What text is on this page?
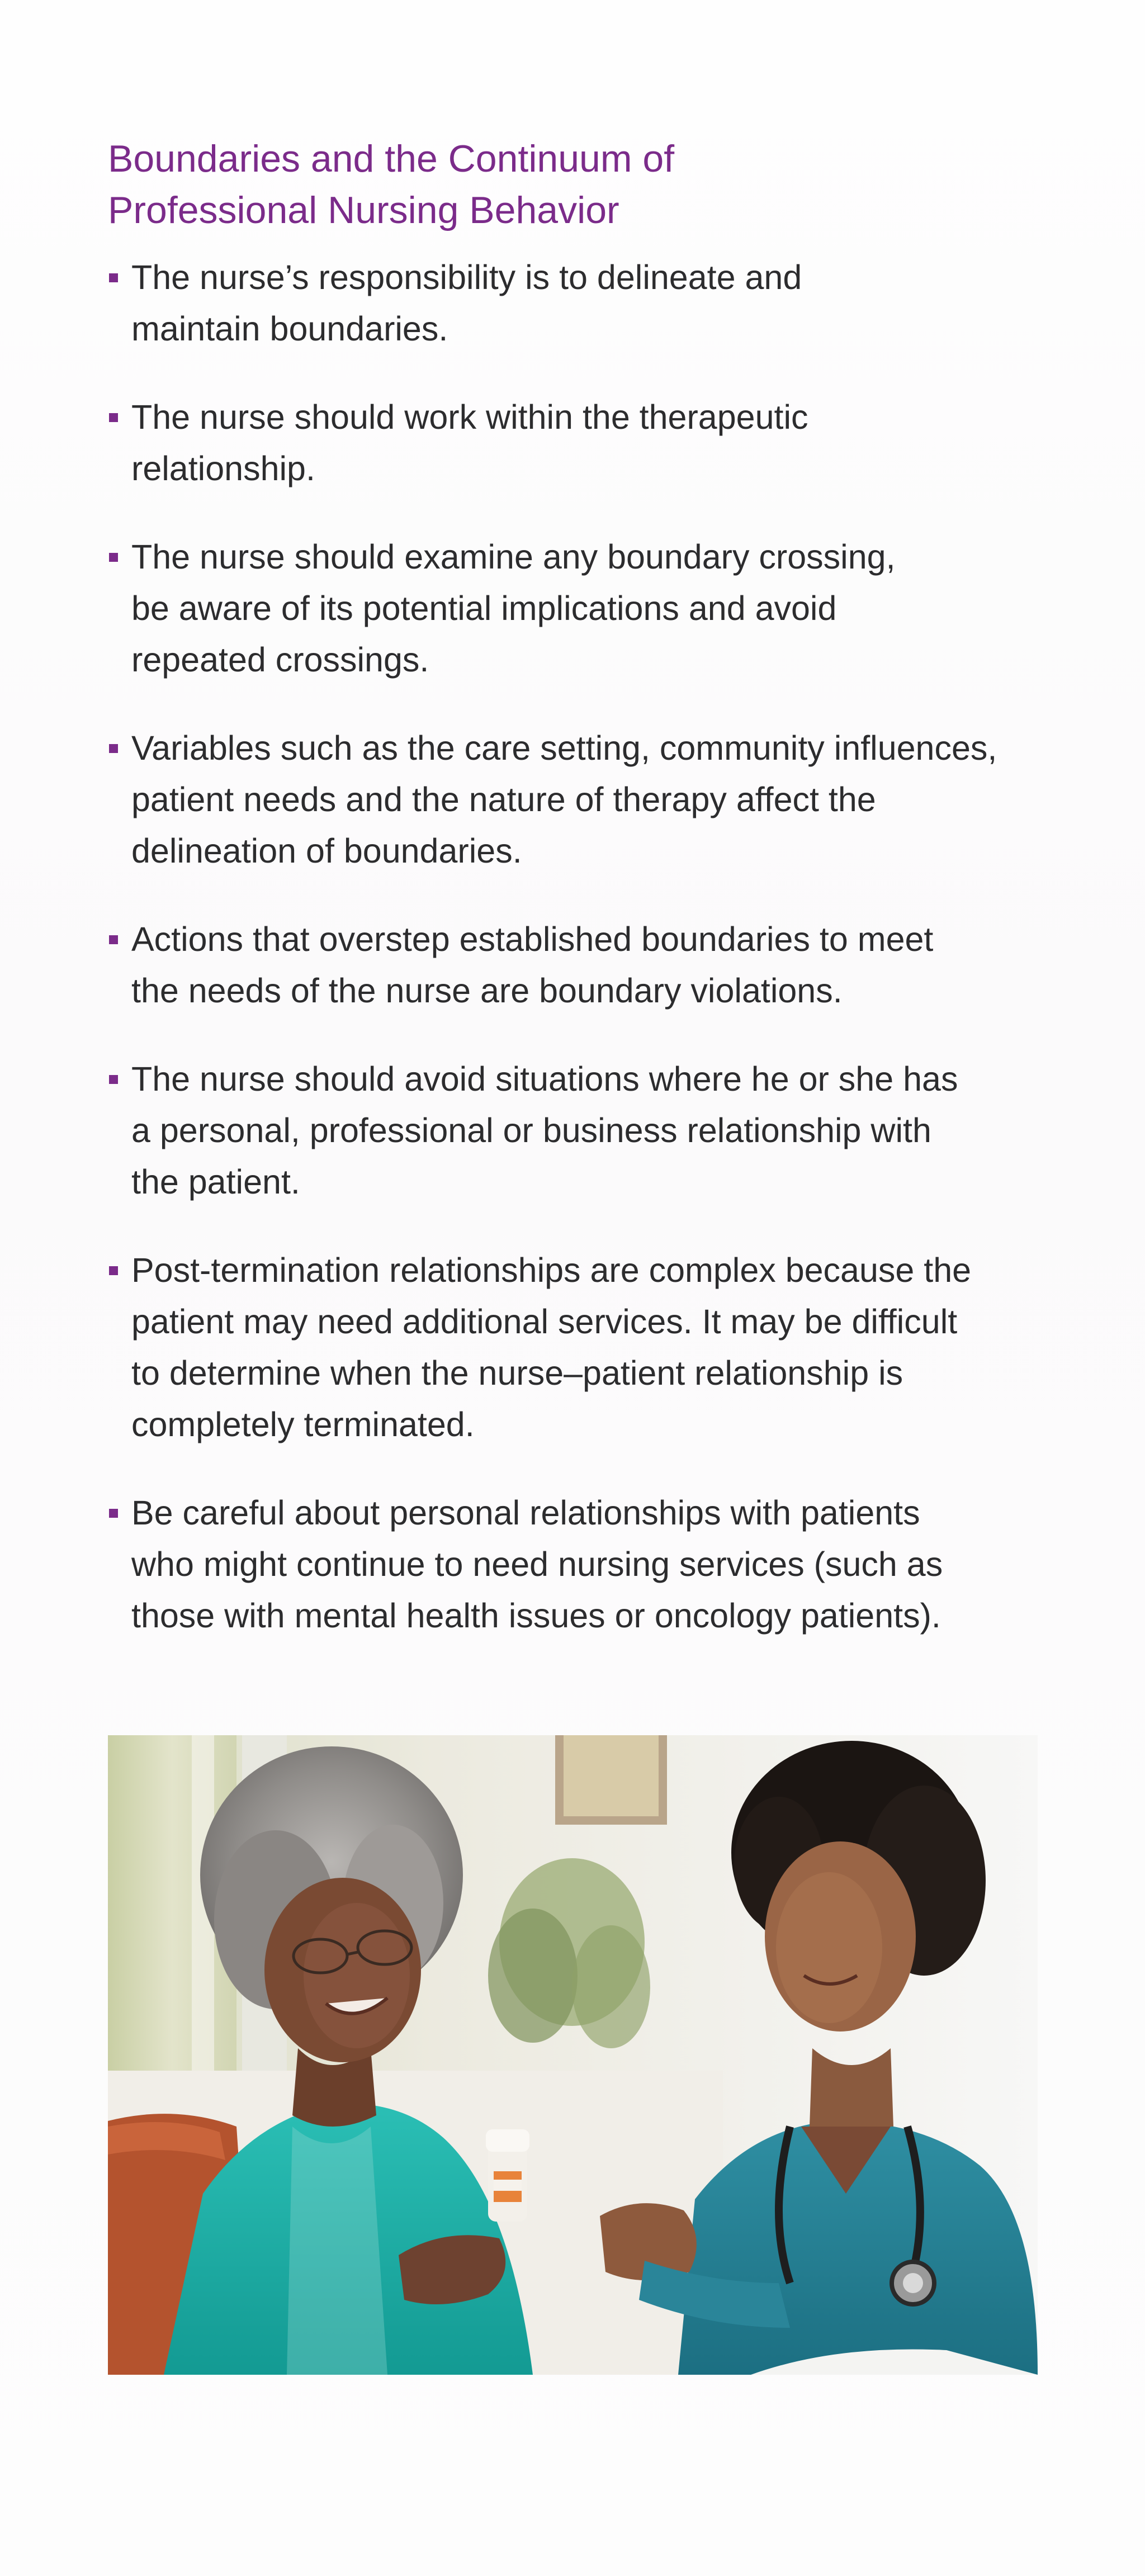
Boundaries and the Continuum of
Professional Nursing Behavior
The nurse’s responsibility is to delineate and
maintain boundaries.
The nurse should work within the therapeutic
relationship.
The nurse should examine any boundary crossing,
be aware of its potential implications and avoid
repeated crossings.
Variables such as the care setting, community influences,
patient needs and the nature of therapy affect the
delineation of boundaries.
Actions that overstep established boundaries to meet
the needs of the nurse are boundary violations.
The nurse should avoid situations where he or she has
a personal, professional or business relationship with
the patient.
Post-termination relationships are complex because the
patient may need additional services. It may be difficult
to determine when the nurse–patient relationship is
completely terminated.
Be careful about personal relationships with patients
who might continue to need nursing services (such as
those with mental health issues or oncology patients).
